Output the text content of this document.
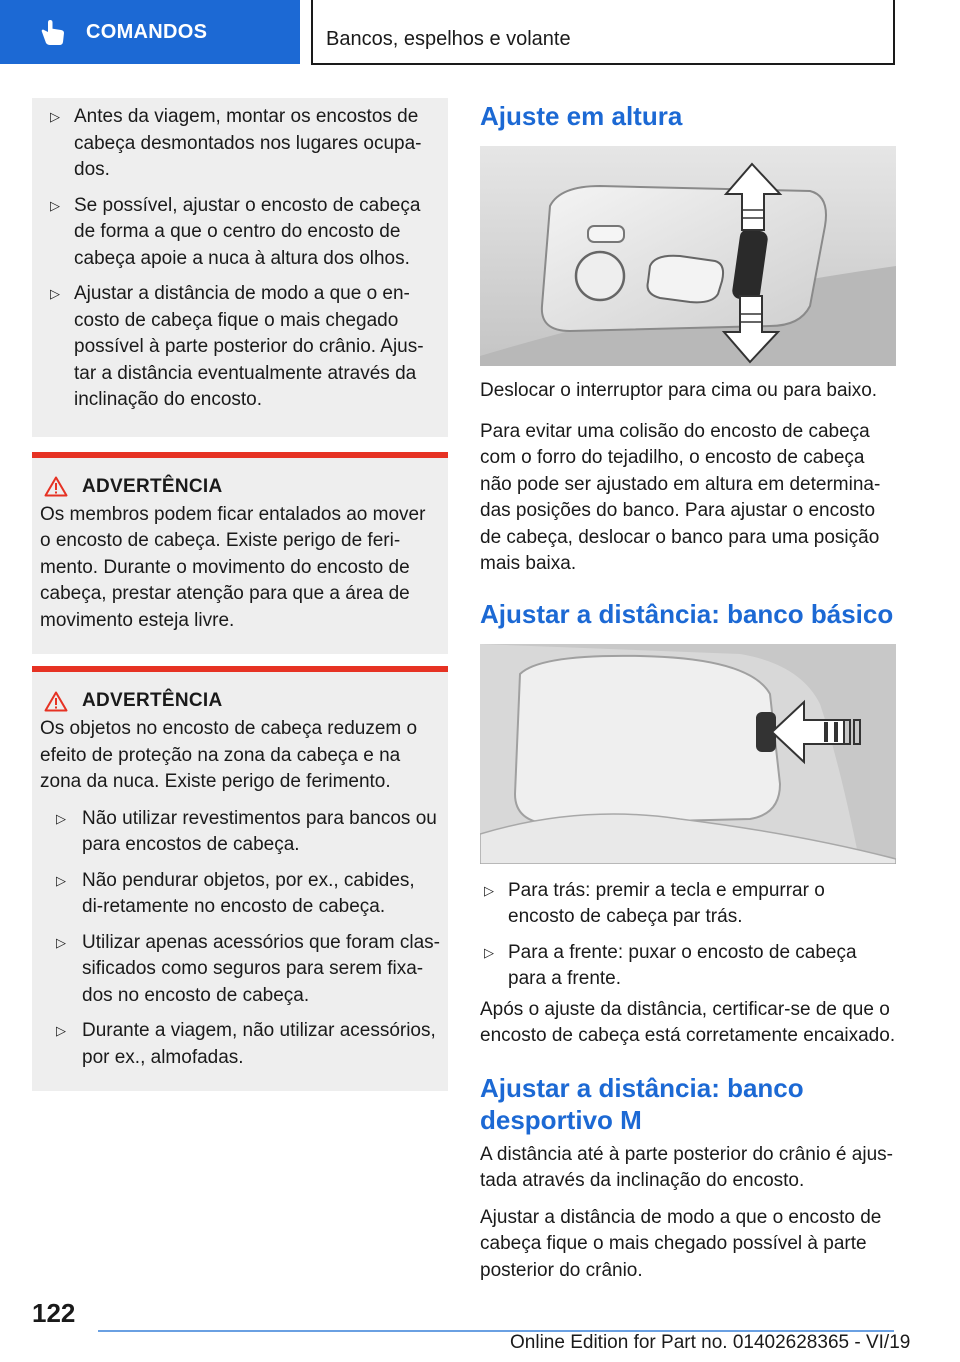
COMANDOS	Bancos, espelhos e volante
▷ Antes da viagem, montar os encostos de cabeça desmontados nos lugares ocupa‐dos.
▷ Se possível, ajustar o encosto de cabeça de forma a que o centro do encosto de cabeça apoie a nuca à altura dos olhos.
▷ Ajustar a distância de modo a que o en‐costo de cabeça fique o mais chegado possível à parte posterior do crânio. Ajus‐tar a distância eventualmente através da inclinação do encosto.
ADVERTÊNCIA

Os membros podem ficar entalados ao mover o encosto de cabeça. Existe perigo de feri‐mento. Durante o movimento do encosto de cabeça, prestar atenção para que a área de movimento esteja livre.

ADVERTÊNCIA

Os objetos no encosto de cabeça reduzem o efeito de proteção na zona da cabeça e na zona da nuca. Existe perigo de ferimento.

▷ Não utilizar revestimentos para bancos ou para encostos de cabeça.
▷ Não pendurar objetos, por ex., cabides, di‐retamente no encosto de cabeça.
▷ Utilizar apenas acessórios que foram clas‐sificados como seguros para serem fixa‐dos no encosto de cabeça.
▷ Durante a viagem, não utilizar acessórios, por ex., almofadas.
Ajuste em altura

Deslocar o interruptor para cima ou para baixo.

Para evitar uma colisão do encosto de cabeça com o forro do tejadilho, o encosto de cabeça não pode ser ajustado em altura em determina‐das posições do banco. Para ajustar o encosto de cabeça, deslocar o banco para uma posição mais baixa.

Ajustar a distância: banco básico
▷ Para trás: premir a tecla e empurrar o encosto de cabeça par trás.
▷ Para a frente: puxar o encosto de cabeça para a frente.

Após o ajuste da distância, certificar-se de que o encosto de cabeça está corretamente encaixado.

Ajustar a distância: banco desportivo M

A distância até à parte posterior do crânio é ajus‐tada através da inclinação do encosto.

Ajustar a distância de modo a que o encosto de cabeça fique o mais chegado possível à parte posterior do crânio.

122
Online Edition for Part no. 01402628365 - VI/19
